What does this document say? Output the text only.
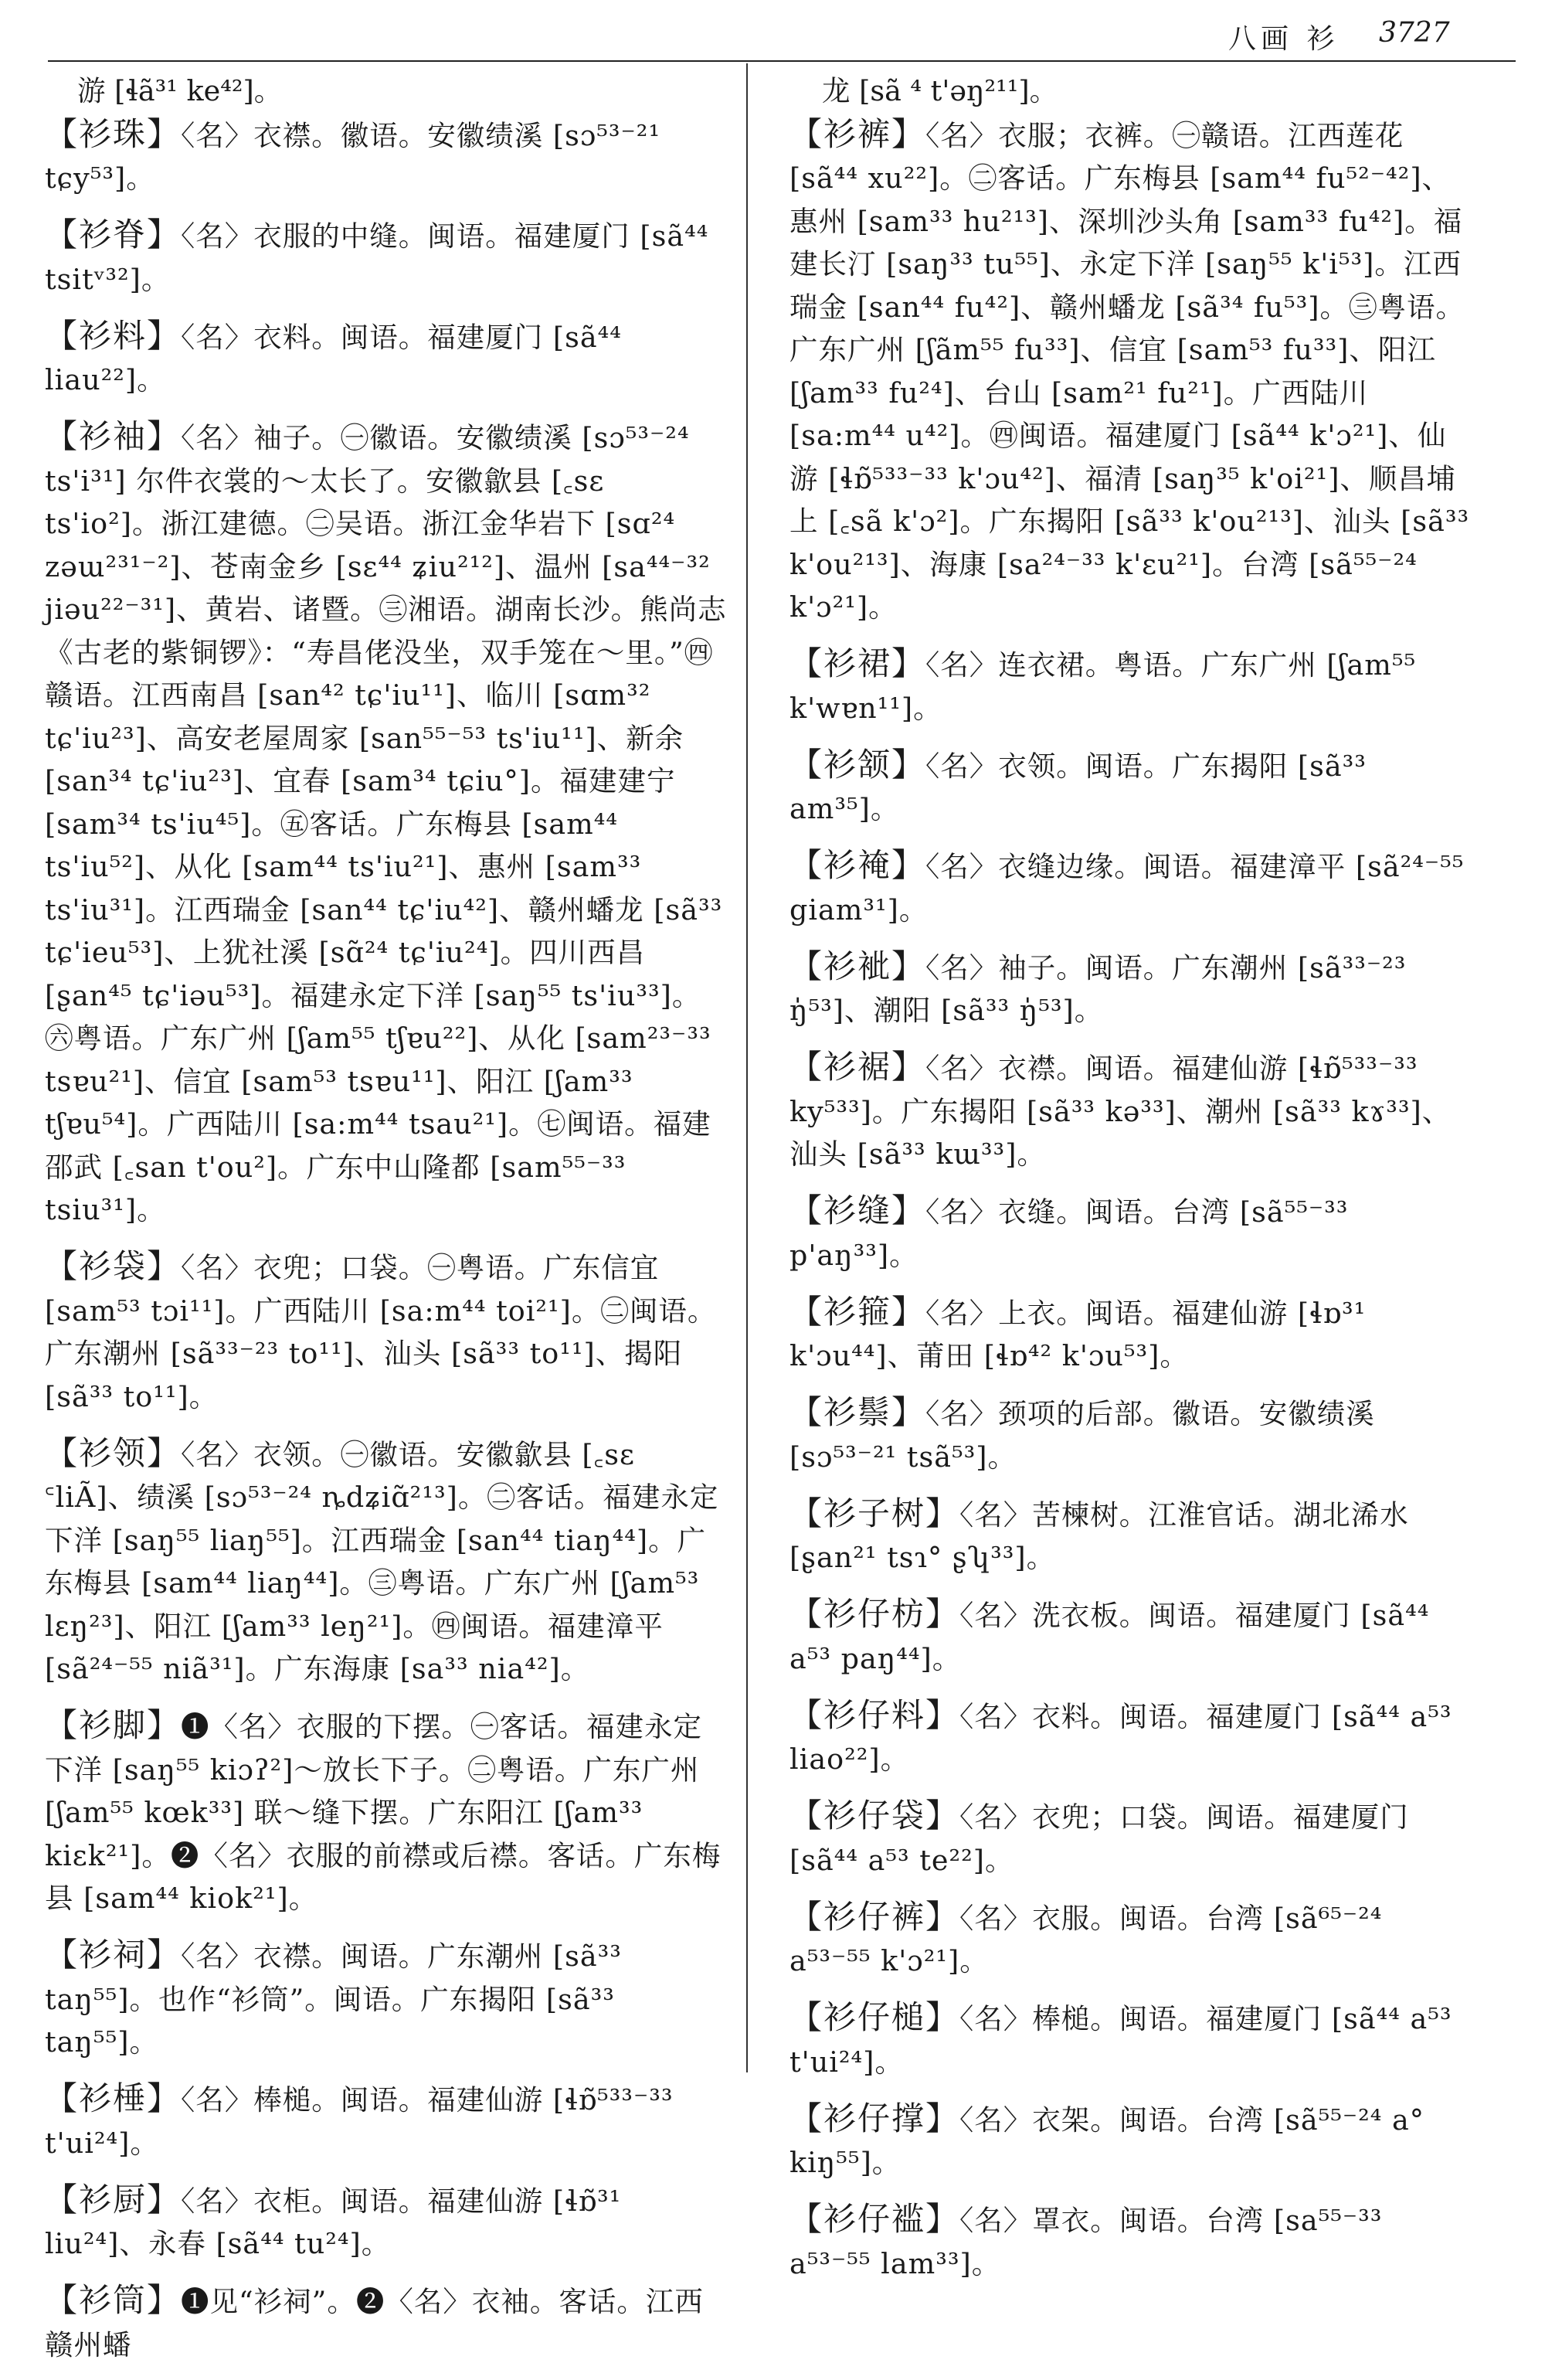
八画 衫 3727
游 [ɬã³¹ ke⁴²]。
【衫珠】〈名〉衣襟。徽语。安徽绩溪 [sɔ⁵³⁻²¹ tɕy⁵³]。
【衫脊】〈名〉衣服的中缝。闽语。福建厦门 [sã⁴⁴ tsitᵛ³²]。
【衫料】〈名〉衣料。闽语。福建厦门 [sã⁴⁴ liau²²]。
【衫袖】〈名〉袖子。㊀徽语。安徽绩溪 [sɔ⁵³⁻²⁴ ts'i³¹] 尔件衣裳的～太长了。安徽歙县 [꜀sɛ ts'io²]。浙江建德。㊁吴语。浙江金华岩下 [sɑ²⁴ zəɯ²³¹⁻²]、苍南金乡 [sɛ⁴⁴ ʑiu²¹²]、温州 [sa⁴⁴⁻³² jiəu²²⁻³¹]、黄岩、诸暨。㊂湘语。湖南长沙。熊尚志《古老的紫铜锣》：“寿昌佬没坐，双手笼在～里。”㊃赣语。江西南昌 [san⁴² tɕ'iu¹¹]、临川 [sɑm³² tɕ'iu²³]、高安老屋周家 [san⁵⁵⁻⁵³ ts'iu¹¹]、新余 [san³⁴ tɕ'iu²³]、宜春 [sam³⁴ tɕiu°]。福建建宁 [sam³⁴ ts'iu⁴⁵]。㊄客话。广东梅县 [sam⁴⁴ ts'iu⁵²]、从化 [sam⁴⁴ ts'iu²¹]、惠州 [sam³³ ts'iu³¹]。江西瑞金 [san⁴⁴ tɕ'iu⁴²]、赣州蟠龙 [sã³³ tɕ'ieu⁵³]、上犹社溪 [sɑ̃²⁴ tɕ'iu²⁴]。四川西昌 [ʂan⁴⁵ tɕ'iəu⁵³]。福建永定下洋 [saŋ⁵⁵ ts'iu³³]。㊅粤语。广东广州 [ʃam⁵⁵ tʃɐu²²]、从化 [sam²³⁻³³ tsɐu²¹]、信宜 [sam⁵³ tsɐu¹¹]、阳江 [ʃam³³ tʃɐu⁵⁴]。广西陆川 [sa:m⁴⁴ tsau²¹]。㊆闽语。福建邵武 [꜀san t'ou²]。广东中山隆都 [sam⁵⁵⁻³³ tsiu³¹]。
【衫袋】〈名〉衣兜；口袋。㊀粤语。广东信宜 [sam⁵³ tɔi¹¹]。广西陆川 [sa:m⁴⁴ toi²¹]。㊁闽语。广东潮州 [sã³³⁻²³ to¹¹]、汕头 [sã³³ to¹¹]、揭阳 [sã³³ to¹¹]。
【衫领】〈名〉衣领。㊀徽语。安徽歙县 [꜀sɛ ꜂liÃ]、绩溪 [sɔ⁵³⁻²⁴ ȵdʑiɑ̃²¹³]。㊁客话。福建永定下洋 [saŋ⁵⁵ liaŋ⁵⁵]。江西瑞金 [san⁴⁴ tiaŋ⁴⁴]。广东梅县 [sam⁴⁴ liaŋ⁴⁴]。㊂粤语。广东广州 [ʃam⁵³ lɛŋ²³]、阳江 [ʃam³³ leŋ²¹]。㊃闽语。福建漳平 [sã²⁴⁻⁵⁵ niã³¹]。广东海康 [sa³³ nia⁴²]。
【衫脚】❶〈名〉衣服的下摆。㊀客话。福建永定下洋 [saŋ⁵⁵ kiɔʔ²]～放长下子。㊁粤语。广东广州 [ʃam⁵⁵ kœk³³] 联～缝下摆。广东阳江 [ʃam³³ kiɛk²¹]。❷〈名〉衣服的前襟或后襟。客话。广东梅县 [sam⁴⁴ kiok²¹]。
【衫祠】〈名〉衣襟。闽语。广东潮州 [sã³³ taŋ⁵⁵]。也作“衫筒”。闽语。广东揭阳 [sã³³ taŋ⁵⁵]。
【衫棰】〈名〉棒槌。闽语。福建仙游 [ɬɒ̃⁵³³⁻³³ t'ui²⁴]。
【衫厨】〈名〉衣柜。闽语。福建仙游 [ɬɒ̃³¹ liu²⁴]、永春 [sã⁴⁴ tu²⁴]。
【衫筒】❶见“衫祠”。❷〈名〉衣袖。客话。江西赣州蟠
龙 [sã ⁴ t'əŋ²¹¹]。
【衫裤】〈名〉衣服；衣裤。㊀赣语。江西莲花 [sã⁴⁴ xu²²]。㊁客话。广东梅县 [sam⁴⁴ fu⁵²⁻⁴²]、惠州 [sam³³ hu²¹³]、深圳沙头角 [sam³³ fu⁴²]。福建长汀 [saŋ³³ tu⁵⁵]、永定下洋 [saŋ⁵⁵ k'i⁵³]。江西瑞金 [san⁴⁴ fu⁴²]、赣州蟠龙 [sã³⁴ fu⁵³]。㊂粤语。广东广州 [ʃãm⁵⁵ fu³³]、信宜 [sam⁵³ fu³³]、阳江 [ʃam³³ fu²⁴]、台山 [sam²¹ fu²¹]。广西陆川 [sa:m⁴⁴ u⁴²]。㊃闽语。福建厦门 [sã⁴⁴ k'ɔ²¹]、仙游 [ɬɒ̃⁵³³⁻³³ k'ɔu⁴²]、福清 [saŋ³⁵ k'oi²¹]、顺昌埔上 [꜀sã k'ɔ²]。广东揭阳 [sã³³ k'ou²¹³]、汕头 [sã³³ k'ou²¹³]、海康 [sa²⁴⁻³³ k'ɛu²¹]。台湾 [sã⁵⁵⁻²⁴ k'ɔ²¹]。
【衫裙】〈名〉连衣裙。粤语。广东广州 [ʃam⁵⁵ k'wɐn¹¹]。
【衫颔】〈名〉衣领。闽语。广东揭阳 [sã³³ am³⁵]。
【衫裺】〈名〉衣缝边缘。闽语。福建漳平 [sã²⁴⁻⁵⁵ giam³¹]。
【衫䘣】〈名〉袖子。闽语。广东潮州 [sã³³⁻²³ ŋ̍⁵³]、潮阳 [sã³³ ŋ̍⁵³]。
【衫裾】〈名〉衣襟。闽语。福建仙游 [ɬɒ̃⁵³³⁻³³ ky⁵³³]。广东揭阳 [sã³³ kə³³]、潮州 [sã³³ kɤ³³]、汕头 [sã³³ kɯ³³]。
【衫缝】〈名〉衣缝。闽语。台湾 [sã⁵⁵⁻³³ p'aŋ³³]。
【衫箍】〈名〉上衣。闽语。福建仙游 [ɬɒ³¹ k'ɔu⁴⁴]、莆田 [ɬɒ⁴² k'ɔu⁵³]。
【衫鬃】〈名〉颈项的后部。徽语。安徽绩溪 [sɔ⁵³⁻²¹ tsã⁵³]。
【衫子树】〈名〉苦楝树。江淮官话。湖北浠水 [ʂan²¹ tsɿ° ʂʮ³³]。
【衫仔枋】〈名〉洗衣板。闽语。福建厦门 [sã⁴⁴ a⁵³ paŋ⁴⁴]。
【衫仔料】〈名〉衣料。闽语。福建厦门 [sã⁴⁴ a⁵³ liao²²]。
【衫仔袋】〈名〉衣兜；口袋。闽语。福建厦门 [sã⁴⁴ a⁵³ te²²]。
【衫仔裤】〈名〉衣服。闽语。台湾 [sã⁶⁵⁻²⁴ a⁵³⁻⁵⁵ k'ɔ²¹]。
【衫仔槌】〈名〉棒槌。闽语。福建厦门 [sã⁴⁴ a⁵³ t'ui²⁴]。
【衫仔撑】〈名〉衣架。闽语。台湾 [sã⁵⁵⁻²⁴ a° kiŋ⁵⁵]。
【衫仔褴】〈名〉罩衣。闽语。台湾 [sa⁵⁵⁻³³ a⁵³⁻⁵⁵ lam³³]。
